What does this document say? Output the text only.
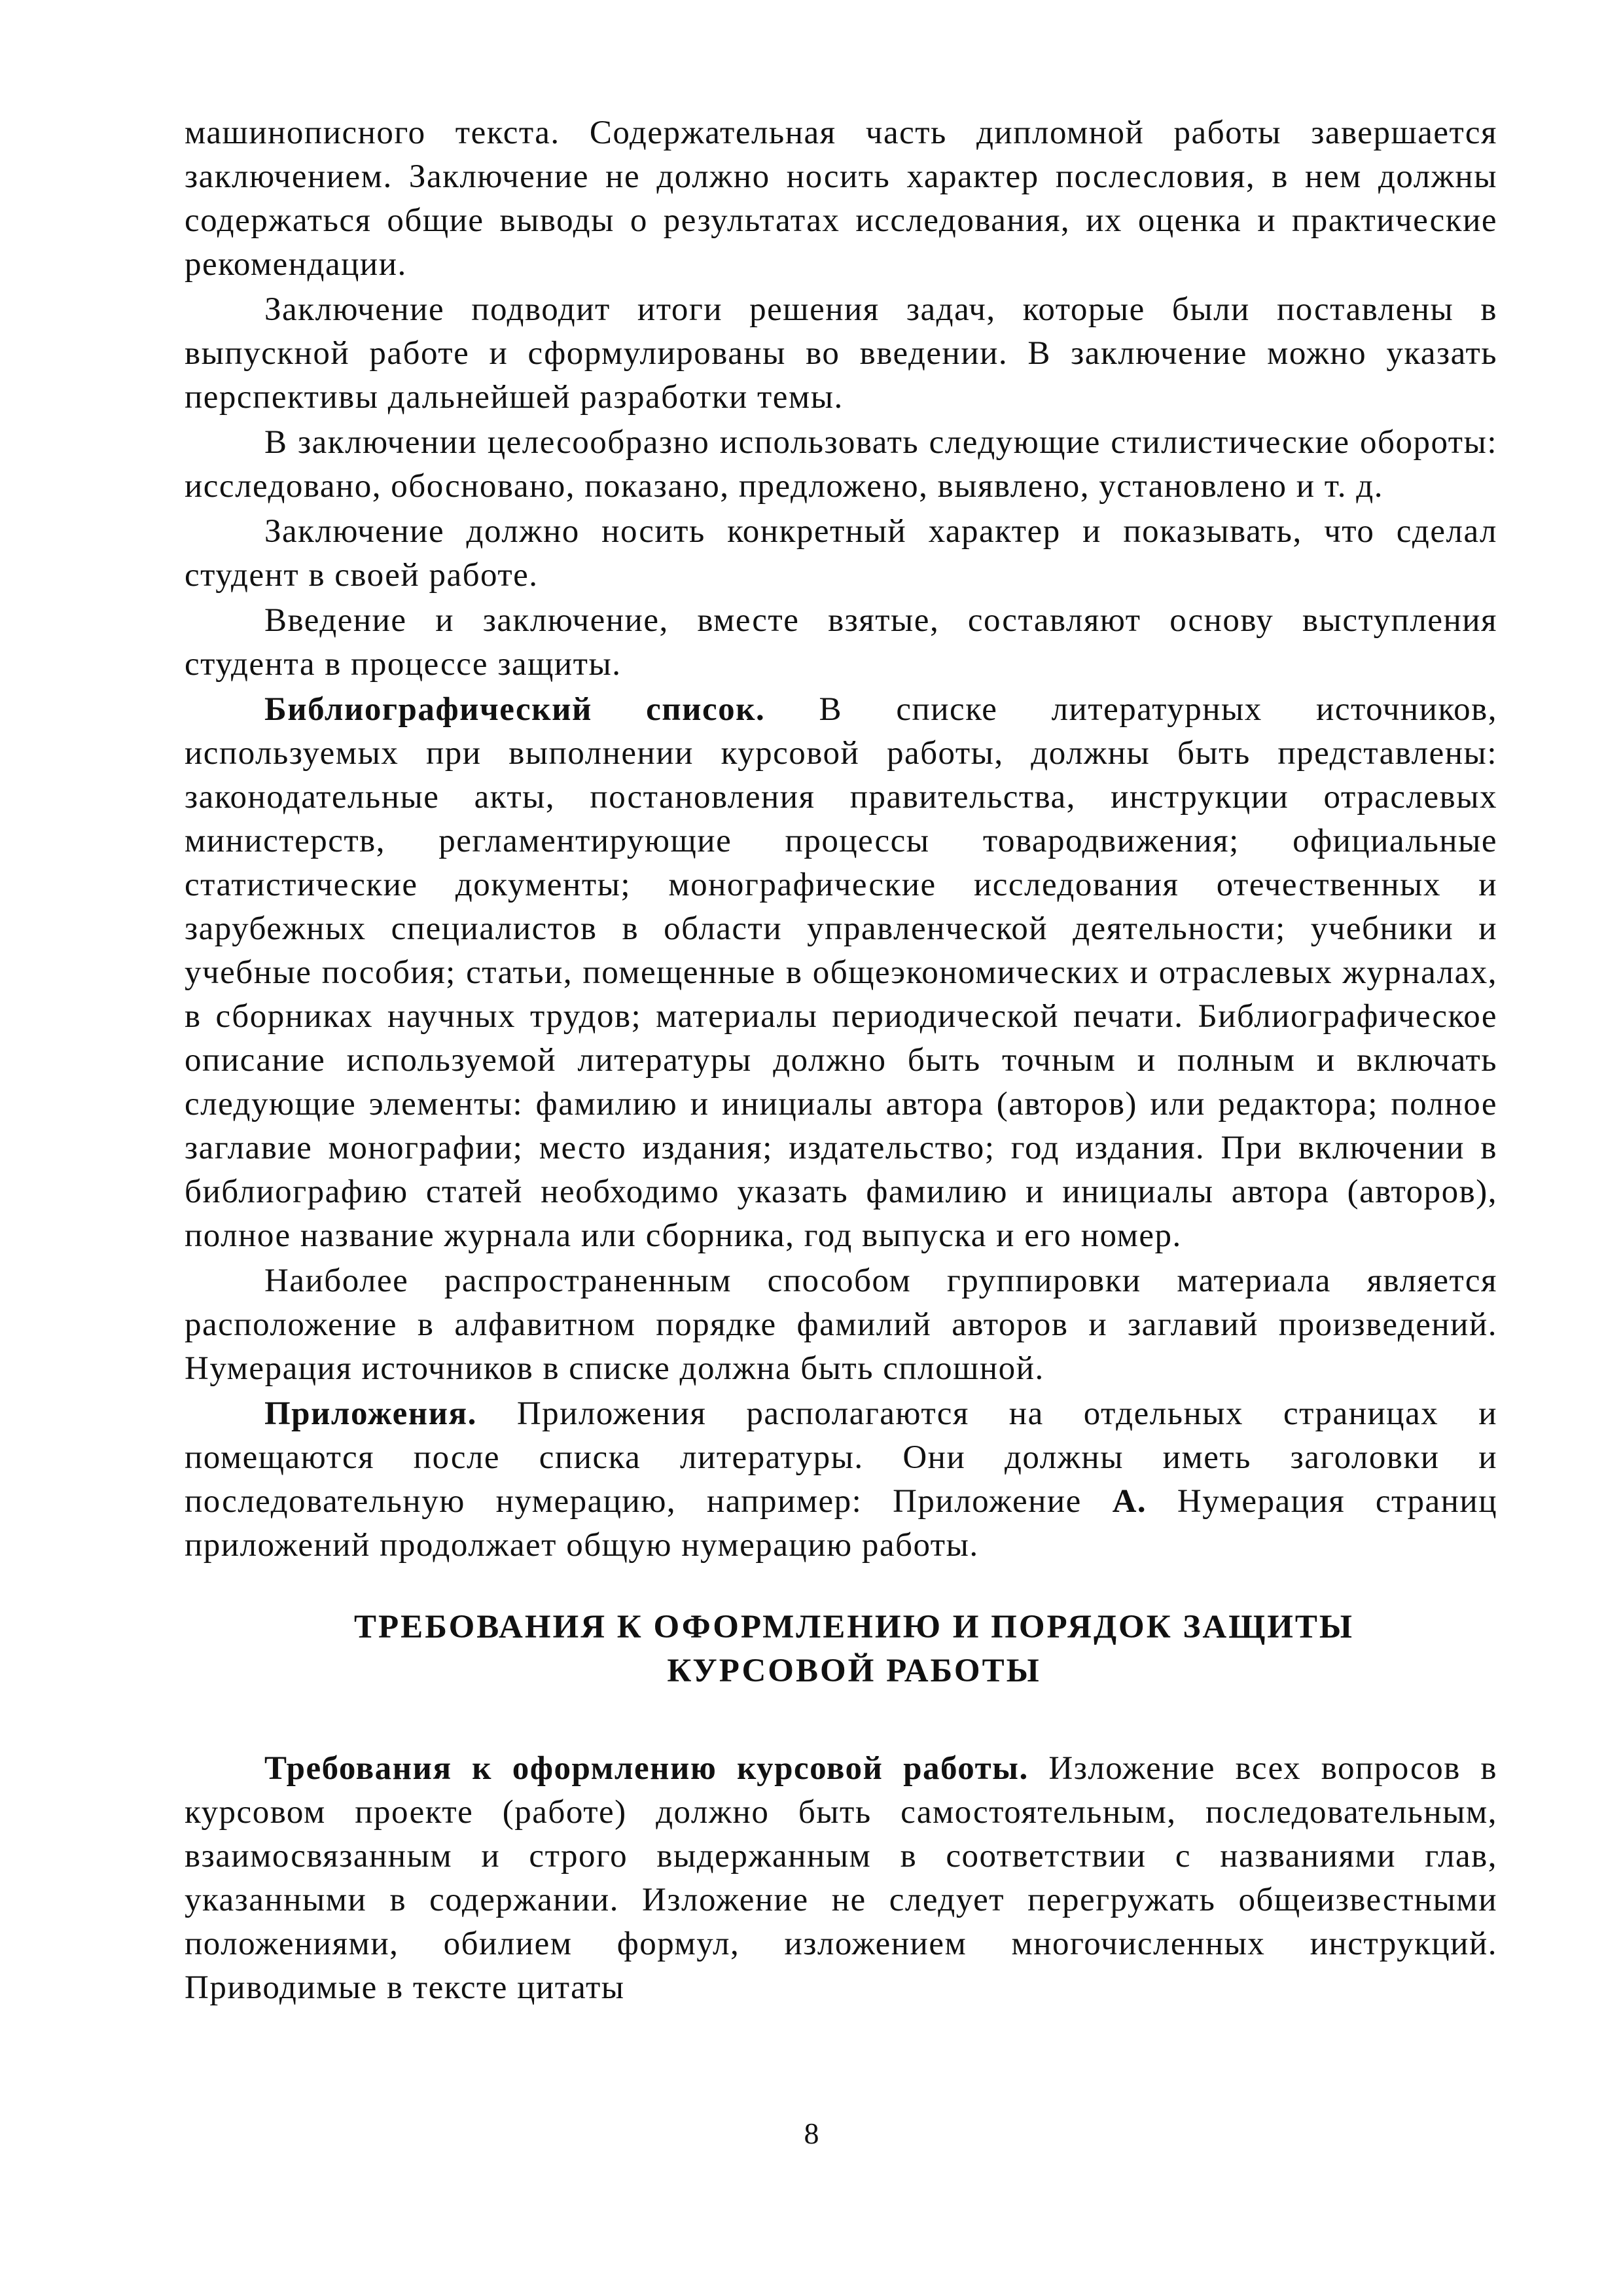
машинописного текста. Содержательная часть дипломной работы завершается заключением. Заключение не должно носить характер послесловия, в нем должны содержаться общие выводы о результатах исследования, их оценка и практические рекомендации.

Заключение подводит итоги решения задач, которые были поставлены в выпускной работе и сформулированы во введении. В заключение можно указать перспективы дальнейшей разработки темы.

В заключении целесообразно использовать следующие стилистические обороты: исследовано, обосновано, показано, предложено, выявлено, установлено и т. д.

Заключение должно носить конкретный характер и показывать, что сделал студент в своей работе.

Введение и заключение, вместе взятые, составляют основу выступления студента в процессе защиты.

Библиографический список. В списке литературных источников, используемых при выполнении курсовой работы, должны быть представлены: законодательные акты, постановления правительства, инструкции отраслевых министерств, регламентирующие процессы товародвижения; официальные статистические документы; монографические исследования отечественных и зарубежных специалистов в области управленческой деятельности; учебники и учебные пособия; статьи, помещенные в общеэкономических и отраслевых журналах, в сборниках научных трудов; материалы периодической печати. Библиографическое описание используемой литературы должно быть точным и полным и включать следующие элементы: фамилию и инициалы автора (авторов) или редактора; полное заглавие монографии; место издания; издательство; год издания. При включении в библиографию статей необходимо указать фамилию и инициалы автора (авторов), полное название журнала или сборника, год выпуска и его номер.

Наиболее распространенным способом группировки материала является расположение в алфавитном порядке фамилий авторов и заглавий произведений. Нумерация источников в списке должна быть сплошной.

Приложения. Приложения располагаются на отдельных страницах и помещаются после списка литературы. Они должны иметь заголовки и последовательную нумерацию, например: Приложение А. Нумерация страниц приложений продолжает общую нумерацию работы.

ТРЕБОВАНИЯ К ОФОРМЛЕНИЮ И ПОРЯДОК ЗАЩИТЫ
КУРСОВОЙ РАБОТЫ

Требования к оформлению курсовой работы. Изложение всех вопросов в курсовом проекте (работе) должно быть самостоятельным, последовательным, взаимосвязанным и строго выдержанным в соответствии с названиями глав, указанными в содержании. Изложение не следует перегружать общеизвестными положениями, обилием формул, изложением многочисленных инструкций. Приводимые в тексте цитаты

8
